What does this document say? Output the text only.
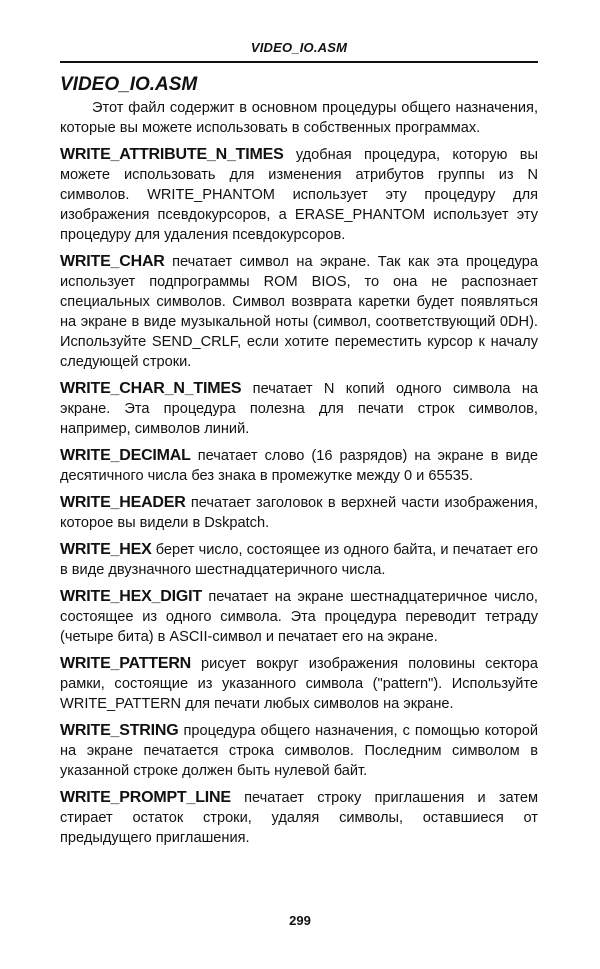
VIDEO_IO.ASM
VIDEO_IO.ASM

Этот файл содержит в основном процедуры общего назначения, которые вы можете использовать в собственных программах.

WRITE_ATTRIBUTE_N_TIMES удобная процедура, которую вы можете использовать для изменения атрибутов группы из N символов. WRITE_PHANTOM использует эту процедуру для изображения псевдокурсоров, а ERASE_PHANTOM использует эту процедуру для удаления псевдокурсоров.

WRITE_CHAR печатает символ на экране. Так как эта процедура использует подпрограммы ROM BIOS, то она не распознает специальных символов. Символ возврата каретки будет появляться на экране в виде музыкальной ноты (символ, соответствующий 0DH). Используйте SEND_CRLF, если хотите переместить курсор к началу следующей строки.

WRITE_CHAR_N_TIMES печатает N копий одного символа на экране. Эта процедура полезна для печати строк символов, например, символов линий.

WRITE_DECIMAL печатает слово (16 разрядов) на экране в виде десятичного числа без знака в промежутке между 0 и 65535.

WRITE_HEADER печатает заголовок в верхней части изображения, которое вы видели в Dskpatch.

WRITE_HEX берет число, состоящее из одного байта, и печатает его в виде двузначного шестнадцатеричного числа.

WRITE_HEX_DIGIT печатает на экране шестнадцатеричное число, состоящее из одного символа. Эта процедура переводит тетраду (четыре бита) в ASCII-символ и печатает его на экране.

WRITE_PATTERN рисует вокруг изображения половины сектора рамки, состоящие из указанного символа ("pattern"). Используйте WRITE_PATTERN для печати любых символов на экране.

WRITE_STRING процедура общего назначения, с помощью которой на экране печатается строка символов. Последним символом в указанной строке должен быть нулевой байт.

WRITE_PROMPT_LINE печатает строку приглашения и затем стирает остаток строки, удаляя символы, оставшиеся от предыдущего приглашения.

299
